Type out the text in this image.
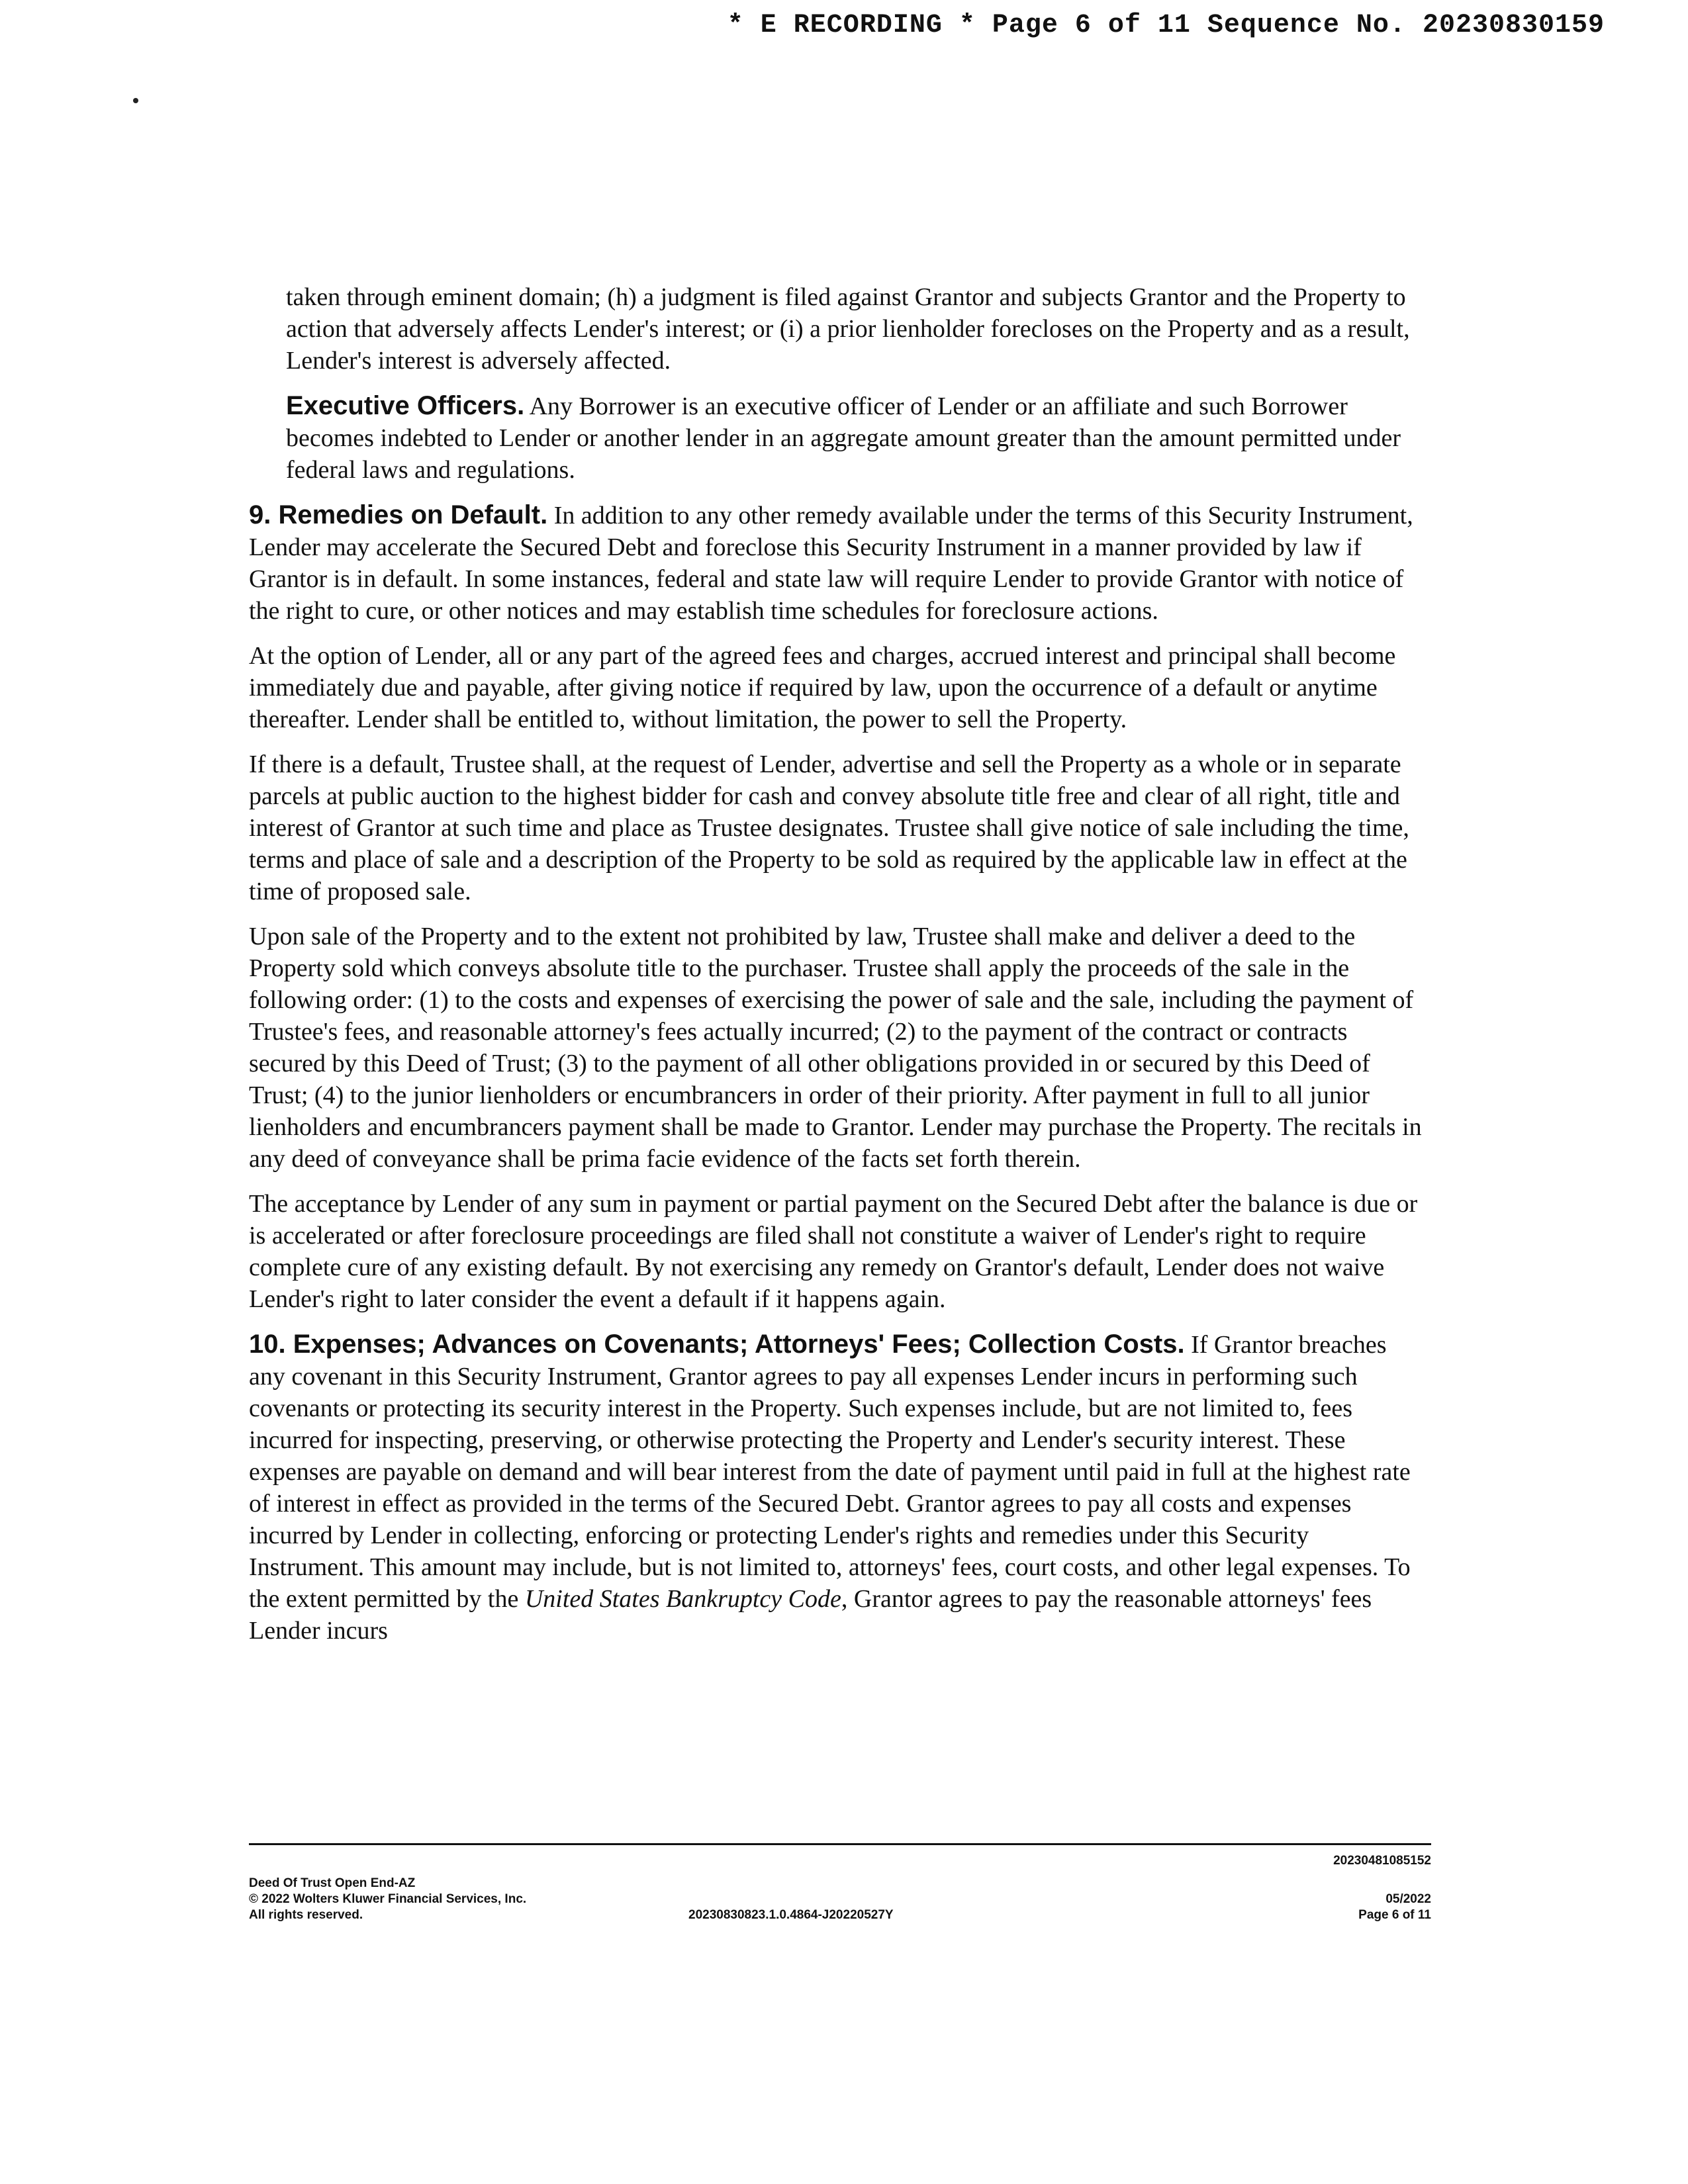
* E RECORDING * Page 6 of 11 Sequence No. 20230830159

taken through eminent domain; (h) a judgment is filed against Grantor and subjects Grantor and the Property to action that adversely affects Lender's interest; or (i) a prior lienholder forecloses on the Property and as a result, Lender's interest is adversely affected.

Executive Officers. Any Borrower is an executive officer of Lender or an affiliate and such Borrower becomes indebted to Lender or another lender in an aggregate amount greater than the amount permitted under federal laws and regulations.

9. Remedies on Default. In addition to any other remedy available under the terms of this Security Instrument, Lender may accelerate the Secured Debt and foreclose this Security Instrument in a manner provided by law if Grantor is in default. In some instances, federal and state law will require Lender to provide Grantor with notice of the right to cure, or other notices and may establish time schedules for foreclosure actions.

At the option of Lender, all or any part of the agreed fees and charges, accrued interest and principal shall become immediately due and payable, after giving notice if required by law, upon the occurrence of a default or anytime thereafter. Lender shall be entitled to, without limitation, the power to sell the Property.

If there is a default, Trustee shall, at the request of Lender, advertise and sell the Property as a whole or in separate parcels at public auction to the highest bidder for cash and convey absolute title free and clear of all right, title and interest of Grantor at such time and place as Trustee designates. Trustee shall give notice of sale including the time, terms and place of sale and a description of the Property to be sold as required by the applicable law in effect at the time of proposed sale.

Upon sale of the Property and to the extent not prohibited by law, Trustee shall make and deliver a deed to the Property sold which conveys absolute title to the purchaser. Trustee shall apply the proceeds of the sale in the following order: (1) to the costs and expenses of exercising the power of sale and the sale, including the payment of Trustee's fees, and reasonable attorney's fees actually incurred; (2) to the payment of the contract or contracts secured by this Deed of Trust; (3) to the payment of all other obligations provided in or secured by this Deed of Trust; (4) to the junior lienholders or encumbrancers in order of their priority. After payment in full to all junior lienholders and encumbrancers payment shall be made to Grantor. Lender may purchase the Property. The recitals in any deed of conveyance shall be prima facie evidence of the facts set forth therein.

The acceptance by Lender of any sum in payment or partial payment on the Secured Debt after the balance is due or is accelerated or after foreclosure proceedings are filed shall not constitute a waiver of Lender's right to require complete cure of any existing default. By not exercising any remedy on Grantor's default, Lender does not waive Lender's right to later consider the event a default if it happens again.

10. Expenses; Advances on Covenants; Attorneys' Fees; Collection Costs. If Grantor breaches any covenant in this Security Instrument, Grantor agrees to pay all expenses Lender incurs in performing such covenants or protecting its security interest in the Property. Such expenses include, but are not limited to, fees incurred for inspecting, preserving, or otherwise protecting the Property and Lender's security interest. These expenses are payable on demand and will bear interest from the date of payment until paid in full at the highest rate of interest in effect as provided in the terms of the Secured Debt. Grantor agrees to pay all costs and expenses incurred by Lender in collecting, enforcing or protecting Lender's rights and remedies under this Security Instrument. This amount may include, but is not limited to, attorneys' fees, court costs, and other legal expenses. To the extent permitted by the United States Bankruptcy Code, Grantor agrees to pay the reasonable attorneys' fees Lender incurs

Deed Of Trust Open End-AZ
© 2022 Wolters Kluwer Financial Services, Inc.
All rights reserved.	20230830823.1.0.4864-J20220527Y
20230481085152
05/2022
Page 6 of 11
